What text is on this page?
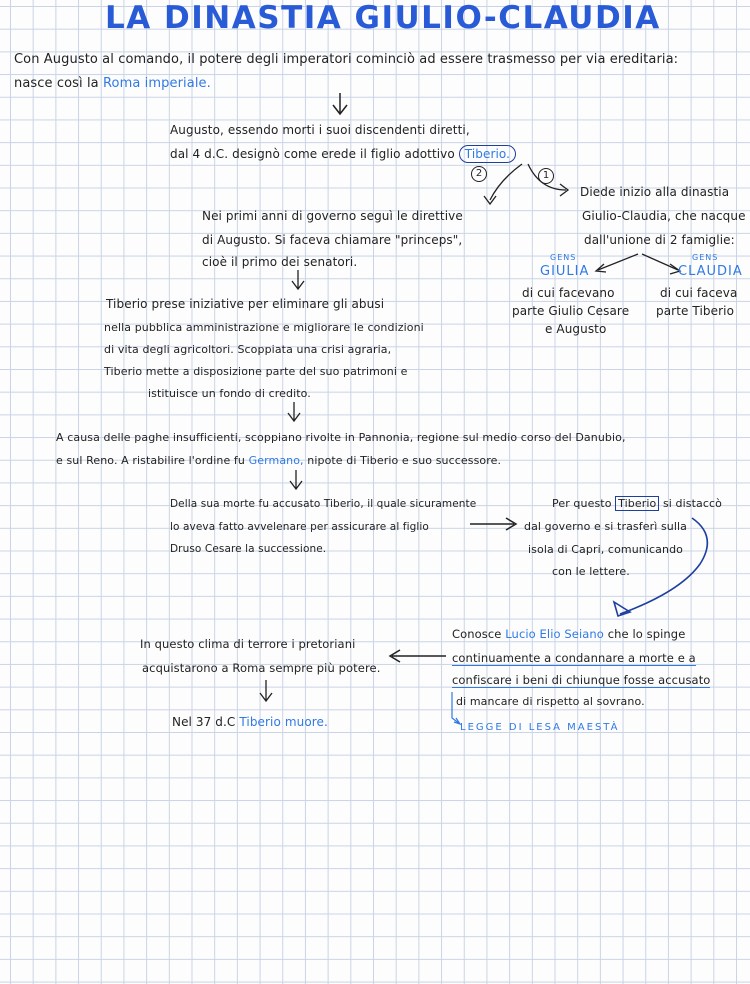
LA DINASTIA GIULIO-CLAUDIA
Con Augusto al comando, il potere degli imperatori cominciò ad essere trasmesso per via ereditaria:
nasce così la Roma imperiale.
Augusto, essendo morti i suoi discendenti diretti,
dal 4 d.C. designò come erede il figlio adottivo Tiberio.
2	1
Diede inizio alla dinastia
Giulio-Claudia, che nacque
dall'unione di 2 famiglie:
GENS
GIULIA
GENS
CLAUDIA
di cui facevano
parte Giulio Cesare
e Augusto
di cui faceva
parte Tiberio
Nei primi anni di governo seguì le direttive
di Augusto. Si faceva chiamare "princeps",
cioè il primo dei senatori.
Tiberio prese iniziative per eliminare gli abusi
nella pubblica amministrazione e migliorare le condizioni
di vita degli agricoltori. Scoppiata una crisi agraria,
Tiberio mette a disposizione parte del suo patrimoni e
istituisce un fondo di credito.
A causa delle paghe insufficienti, scoppiano rivolte in Pannonia, regione sul medio corso del Danubio,
e sul Reno. A ristabilire l'ordine fu Germano, nipote di Tiberio e suo successore.
Della sua morte fu accusato Tiberio, il quale sicuramente
lo aveva fatto avvelenare per assicurare al figlio
Druso Cesare la successione.
Per questo Tiberio si distaccò
dal governo e si trasferì sulla
isola di Capri, comunicando
con le lettere.
Conosce Lucio Elio Seiano che lo spinge
continuamente a condannare a morte e a
confiscare i beni di chiunque fosse accusato
di mancare di rispetto al sovrano.
LEGGE DI LESA MAESTÀ
In questo clima di terrore i pretoriani
acquistarono a Roma sempre più potere.
Nel 37 d.C Tiberio muore.
